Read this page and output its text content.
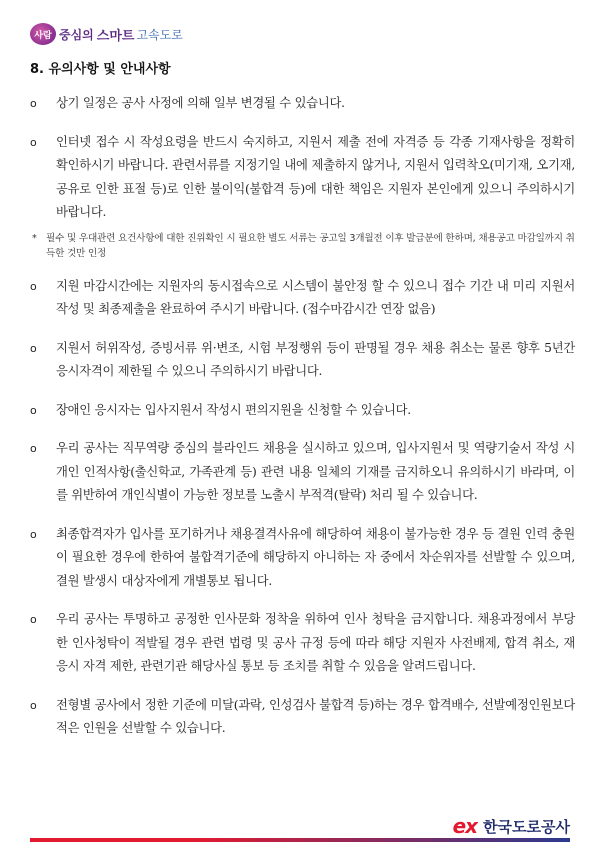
사람 중심의 스마트 고속도로
8. 유의사항 및 안내사항
o	상기 일정은 공사 사정에 의해 일부 변경될 수 있습니다.
o	인터넷 접수 시 작성요령을 반드시 숙지하고, 지원서 제출 전에 자격증 등 각종 기재사항을 정확히 확인하시기 바랍니다. 관련서류를 지정기일 내에 제출하지 않거나, 지원서 입력착오(미기재, 오기재, 공유로 인한 표절 등)로 인한 불이익(불합격 등)에 대한 책임은 지원자 본인에게 있으니 주의하시기 바랍니다.
* 필수 및 우대관련 요건사항에 대한 진위확인 시 필요한 별도 서류는 공고일 3개월전 이후 발급분에 한하며, 채용공고 마감일까지 취득한 것만 인정
o	지원 마감시간에는 지원자의 동시접속으로 시스템이 불안정 할 수 있으니 접수 기간 내 미리 지원서 작성 및 최종제출을 완료하여 주시기 바랍니다. (접수마감시간 연장 없음)
o	지원서 허위작성, 증빙서류 위·변조, 시험 부정행위 등이 판명될 경우 채용 취소는 물론 향후 5년간 응시자격이 제한될 수 있으니 주의하시기 바랍니다.
o	장애인 응시자는 입사지원서 작성시 편의지원을 신청할 수 있습니다.
o	우리 공사는 직무역량 중심의 블라인드 채용을 실시하고 있으며, 입사지원서 및 역량기술서 작성 시 개인 인적사항(출신학교, 가족관계 등) 관련 내용 일체의 기재를 금지하오니 유의하시기 바라며, 이를 위반하여 개인식별이 가능한 정보를 노출시 부적격(탈락) 처리 될 수 있습니다.
o	최종합격자가 입사를 포기하거나 채용결격사유에 해당하여 채용이 불가능한 경우 등 결원 인력 충원이 필요한 경우에 한하여 불합격기준에 해당하지 아니하는 자 중에서 차순위자를 선발할 수 있으며, 결원 발생시 대상자에게 개별통보 됩니다.
o	우리 공사는 투명하고 공정한 인사문화 정착을 위하여 인사 청탁을 금지합니다. 채용과정에서 부당한 인사청탁이 적발될 경우 관련 법령 및 공사 규정 등에 따라 해당 지원자 사전배제, 합격 취소, 재응시 자격 제한, 관련기관 해당사실 통보 등 조치를 취할 수 있음을 알려드립니다.
o	전형별 공사에서 정한 기준에 미달(과락, 인성검사 불합격 등)하는 경우 합격배수, 선발예정인원보다 적은 인원을 선발할 수 있습니다.
ex 한국도로공사
